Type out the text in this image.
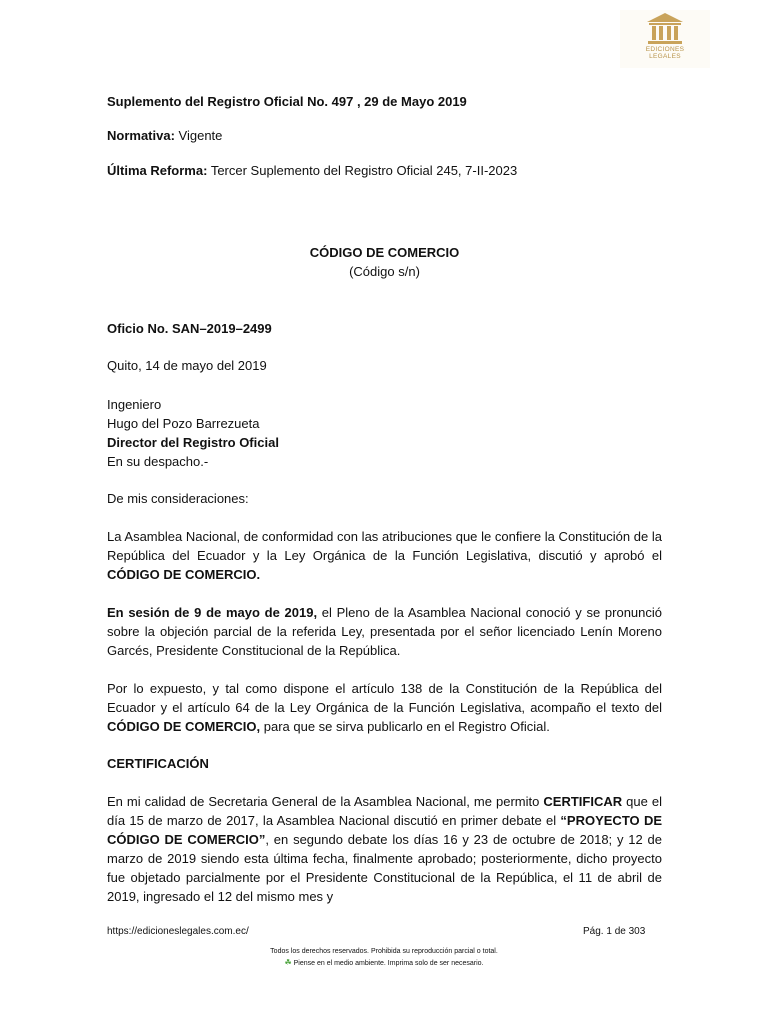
EDICIONES
LEGALES
Suplemento del Registro Oficial No. 497 , 29 de Mayo 2019
Normativa: Vigente
Última Reforma: Tercer Suplemento del Registro Oficial 245, 7-II-2023
CÓDIGO DE COMERCIO
(Código s/n)
Oficio No. SAN–2019–2499
Quito, 14 de mayo del 2019
Ingeniero
Hugo del Pozo Barrezueta
Director del Registro Oficial
En su despacho.-
De mis consideraciones:

La Asamblea Nacional, de conformidad con las atribuciones que le confiere la Constitución de la República del Ecuador y la Ley Orgánica de la Función Legislativa, discutió y aprobó el CÓDIGO DE COMERCIO.

En sesión de 9 de mayo de 2019, el Pleno de la Asamblea Nacional conoció y se pronunció sobre la objeción parcial de la referida Ley, presentada por el señor licenciado Lenín Moreno Garcés, Presidente Constitucional de la República.

Por lo expuesto, y tal como dispone el artículo 138 de la Constitución de la República del Ecuador y el artículo 64 de la Ley Orgánica de la Función Legislativa, acompaño el texto del CÓDIGO DE COMERCIO, para que se sirva publicarlo en el Registro Oficial.

CERTIFICACIÓN

En mi calidad de Secretaria General de la Asamblea Nacional, me permito CERTIFICAR que el día 15 de marzo de 2017, la Asamblea Nacional discutió en primer debate el “PROYECTO DE CÓDIGO DE COMERCIO”, en segundo debate los días 16 y 23 de octubre de 2018; y 12 de marzo de 2019 siendo esta última fecha, finalmente aprobado; posteriormente, dicho proyecto fue objetado parcialmente por el Presidente Constitucional de la República, el 11 de abril de 2019, ingresado el 12 del mismo mes y

https://edicioneslegales.com.ec/	Pág. 1 de 303
Todos los derechos reservados. Prohibida su reproducción parcial o total.
☘ Piense en el medio ambiente. Imprima solo de ser necesario.
